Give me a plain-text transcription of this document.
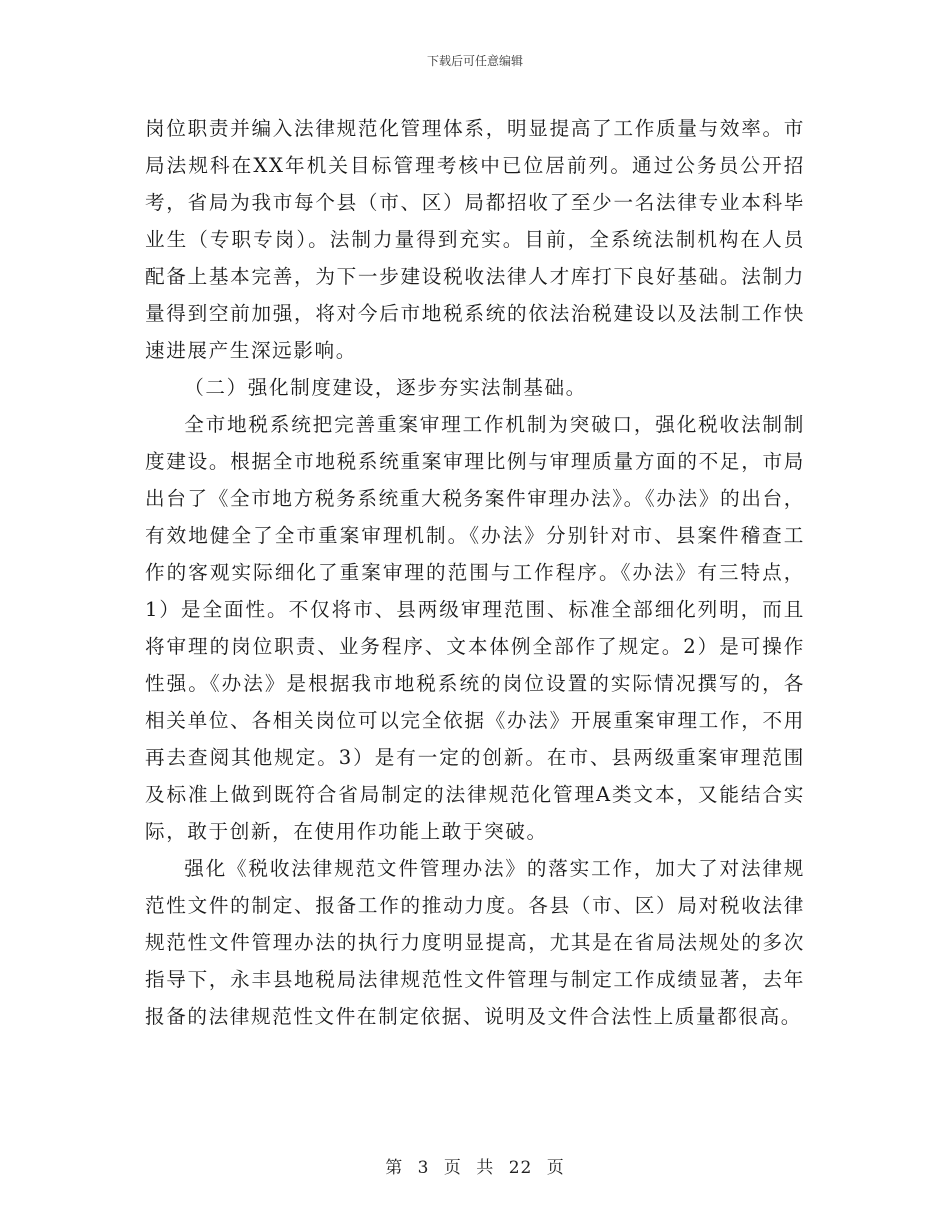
下载后可任意编辑

岗位职责并编入法律规范化管理体系，明显提高了工作质量与效率。市局法规科在XX年机关目标管理考核中已位居前列。通过公务员公开招考，省局为我市每个县（市、区）局都招收了至少一名法律专业本科毕业生（专职专岗）。法制力量得到充实。目前，全系统法制机构在人员配备上基本完善，为下一步建设税收法律人才库打下良好基础。法制力量得到空前加强，将对今后市地税系统的依法治税建设以及法制工作快速进展产生深远影响。

（二）强化制度建设，逐步夯实法制基础。

全市地税系统把完善重案审理工作机制为突破口，强化税收法制制度建设。根据全市地税系统重案审理比例与审理质量方面的不足，市局出台了《全市地方税务系统重大税务案件审理办法》。《办法》的出台，有效地健全了全市重案审理机制。《办法》分别针对市、县案件稽查工作的客观实际细化了重案审理的范围与工作程序。《办法》有三特点，1）是全面性。不仅将市、县两级审理范围、标准全部细化列明，而且将审理的岗位职责、业务程序、文本体例全部作了规定。2）是可操作性强。《办法》是根据我市地税系统的岗位设置的实际情况撰写的，各相关单位、各相关岗位可以完全依据《办法》开展重案审理工作，不用再去查阅其他规定。3）是有一定的创新。在市、县两级重案审理范围及标准上做到既符合省局制定的法律规范化管理A类文本，又能结合实际，敢于创新，在使用作功能上敢于突破。

强化《税收法律规范文件管理办法》的落实工作，加大了对法律规范性文件的制定、报备工作的推动力度。各县（市、区）局对税收法律规范性文件管理办法的执行力度明显提高，尤其是在省局法规处的多次指导下，永丰县地税局法律规范性文件管理与制定工作成绩显著，去年报备的法律规范性文件在制定依据、说明及文件合法性上质量都很高。

第 3 页 共 22 页
